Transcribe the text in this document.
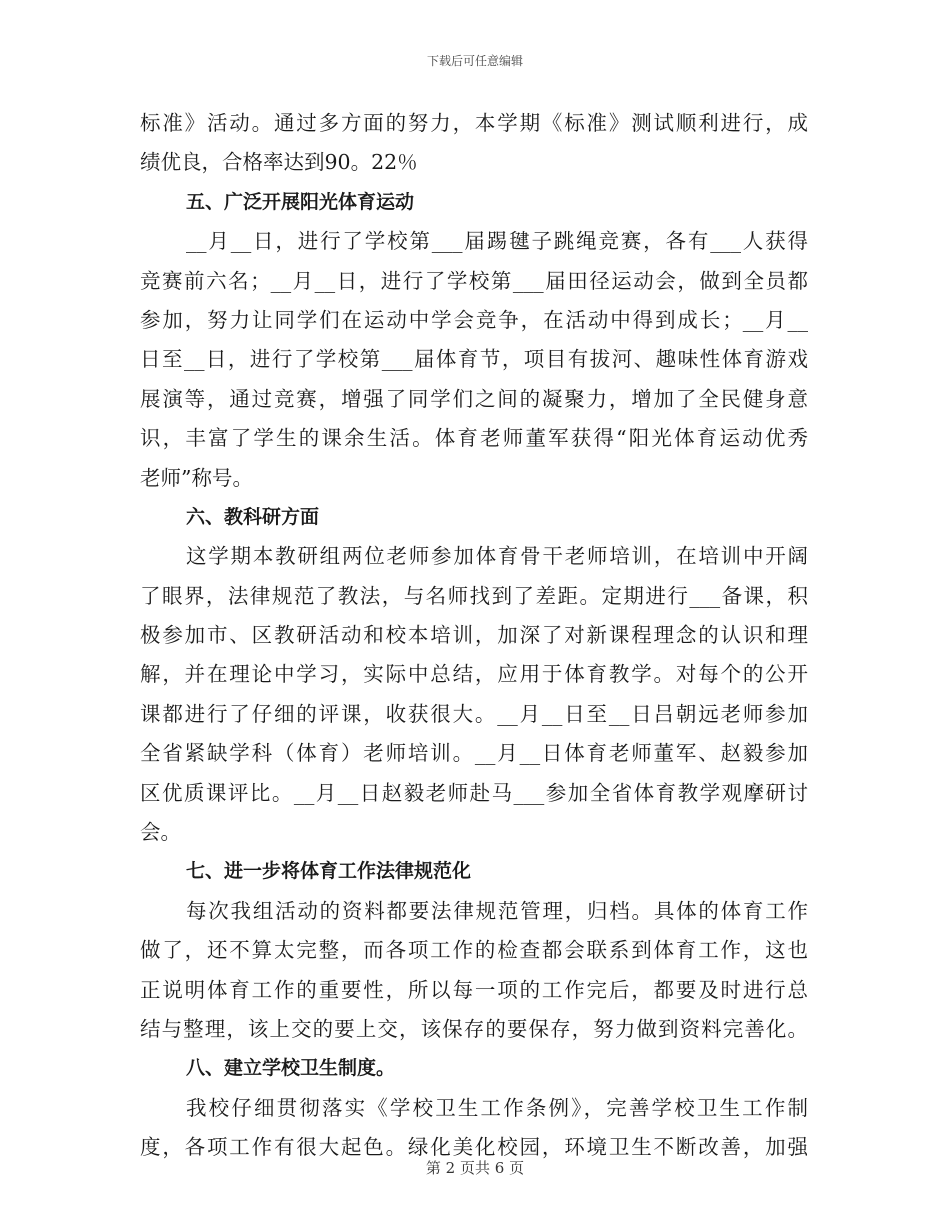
下载后可任意编辑
标准》活动。通过多方面的努力，本学期《标准》测试顺利进行，成
绩优良，合格率达到90。22％
五、广泛开展阳光体育运动
__月__日，进行了学校第___届踢毽子跳绳竞赛，各有___人获得
竞赛前六名；__月__日，进行了学校第___届田径运动会，做到全员都
参加，努力让同学们在运动中学会竞争，在活动中得到成长；__月__
日至__日，进行了学校第___届体育节，项目有拔河、趣味性体育游戏
展演等，通过竞赛，增强了同学们之间的凝聚力，增加了全民健身意
识，丰富了学生的课余生活。体育老师董军获得“阳光体育运动优秀
老师”称号。
六、教科研方面
这学期本教研组两位老师参加体育骨干老师培训，在培训中开阔
了眼界，法律规范了教法，与名师找到了差距。定期进行___备课，积
极参加市、区教研活动和校本培训，加深了对新课程理念的认识和理
解，并在理论中学习，实际中总结，应用于体育教学。对每个的公开
课都进行了仔细的评课，收获很大。__月__日至__日吕朝远老师参加
全省紧缺学科（体育）老师培训。__月__日体育老师董军、赵毅参加
区优质课评比。__月__日赵毅老师赴马___参加全省体育教学观摩研讨
会。
七、进一步将体育工作法律规范化
每次我组活动的资料都要法律规范管理，归档。具体的体育工作
做了，还不算太完整，而各项工作的检查都会联系到体育工作，这也
正说明体育工作的重要性，所以每一项的工作完后，都要及时进行总
结与整理，该上交的要上交，该保存的要保存，努力做到资料完善化。
八、建立学校卫生制度。
我校仔细贯彻落实《学校卫生工作条例》，完善学校卫生工作制
度，各项工作有很大起色。绿化美化校园，环境卫生不断改善，加强
第 2 页共 6 页
